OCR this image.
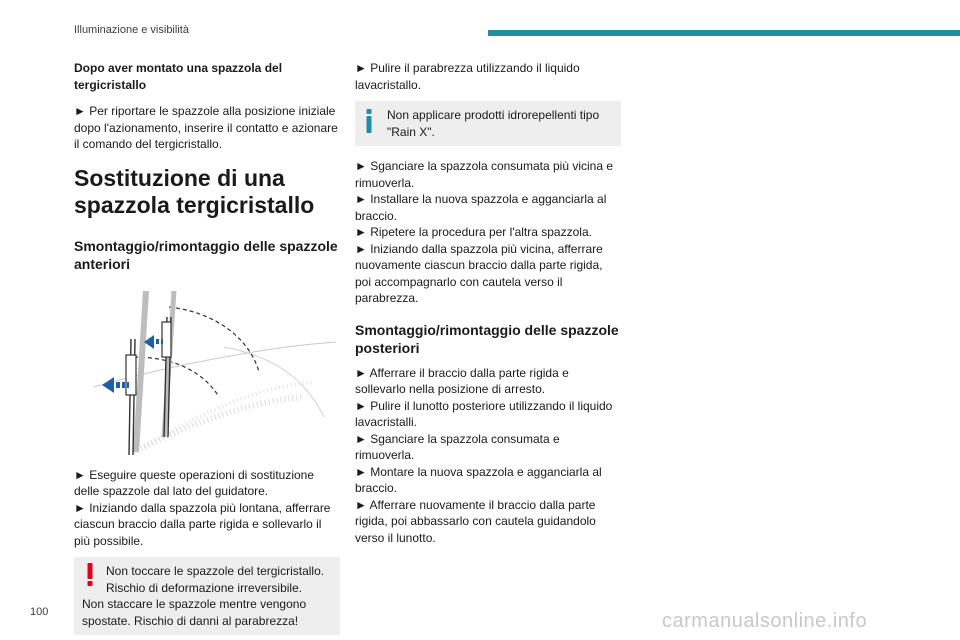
Illuminazione e visibilità
Dopo aver montato una spazzola del tergicristallo

► Per riportare le spazzole alla posizione iniziale dopo l'azionamento, inserire il contatto e azionare il comando del tergicristallo.

Sostituzione di una spazzola tergicristallo
Smontaggio/rimontaggio delle spazzole anteriori

► Eseguire queste operazioni di sostituzione delle spazzole dal lato del guidatore.

► Iniziando dalla spazzola più lontana, afferrare ciascun braccio dalla parte rigida e sollevarlo il più possibile.

Non toccare le spazzole del tergicristallo. Rischio di deformazione irreversibile.

Non staccare le spazzole mentre vengono spostate. Rischio di danni al parabrezza!

► Pulire il parabrezza utilizzando il liquido lavacristallo.

Non applicare prodotti idrorepellenti tipo "Rain X".

► Sganciare la spazzola consumata più vicina e rimuoverla.

► Installare la nuova spazzola e agganciarla al braccio.

► Ripetere la procedura per l'altra spazzola.

► Iniziando dalla spazzola più vicina, afferrare nuovamente ciascun braccio dalla parte rigida, poi accompagnarlo con cautela verso il parabrezza.

Smontaggio/rimontaggio delle spazzole posteriori

► Afferrare il braccio dalla parte rigida e sollevarlo nella posizione di arresto.

► Pulire il lunotto posteriore utilizzando il liquido lavacristalli.

► Sganciare la spazzola consumata e rimuoverla.

► Montare la nuova spazzola e agganciarla al braccio.

► Afferrare nuovamente il braccio dalla parte rigida, poi abbassarlo con cautela guidandolo verso il lunotto.

100	carmanualsonline.info
